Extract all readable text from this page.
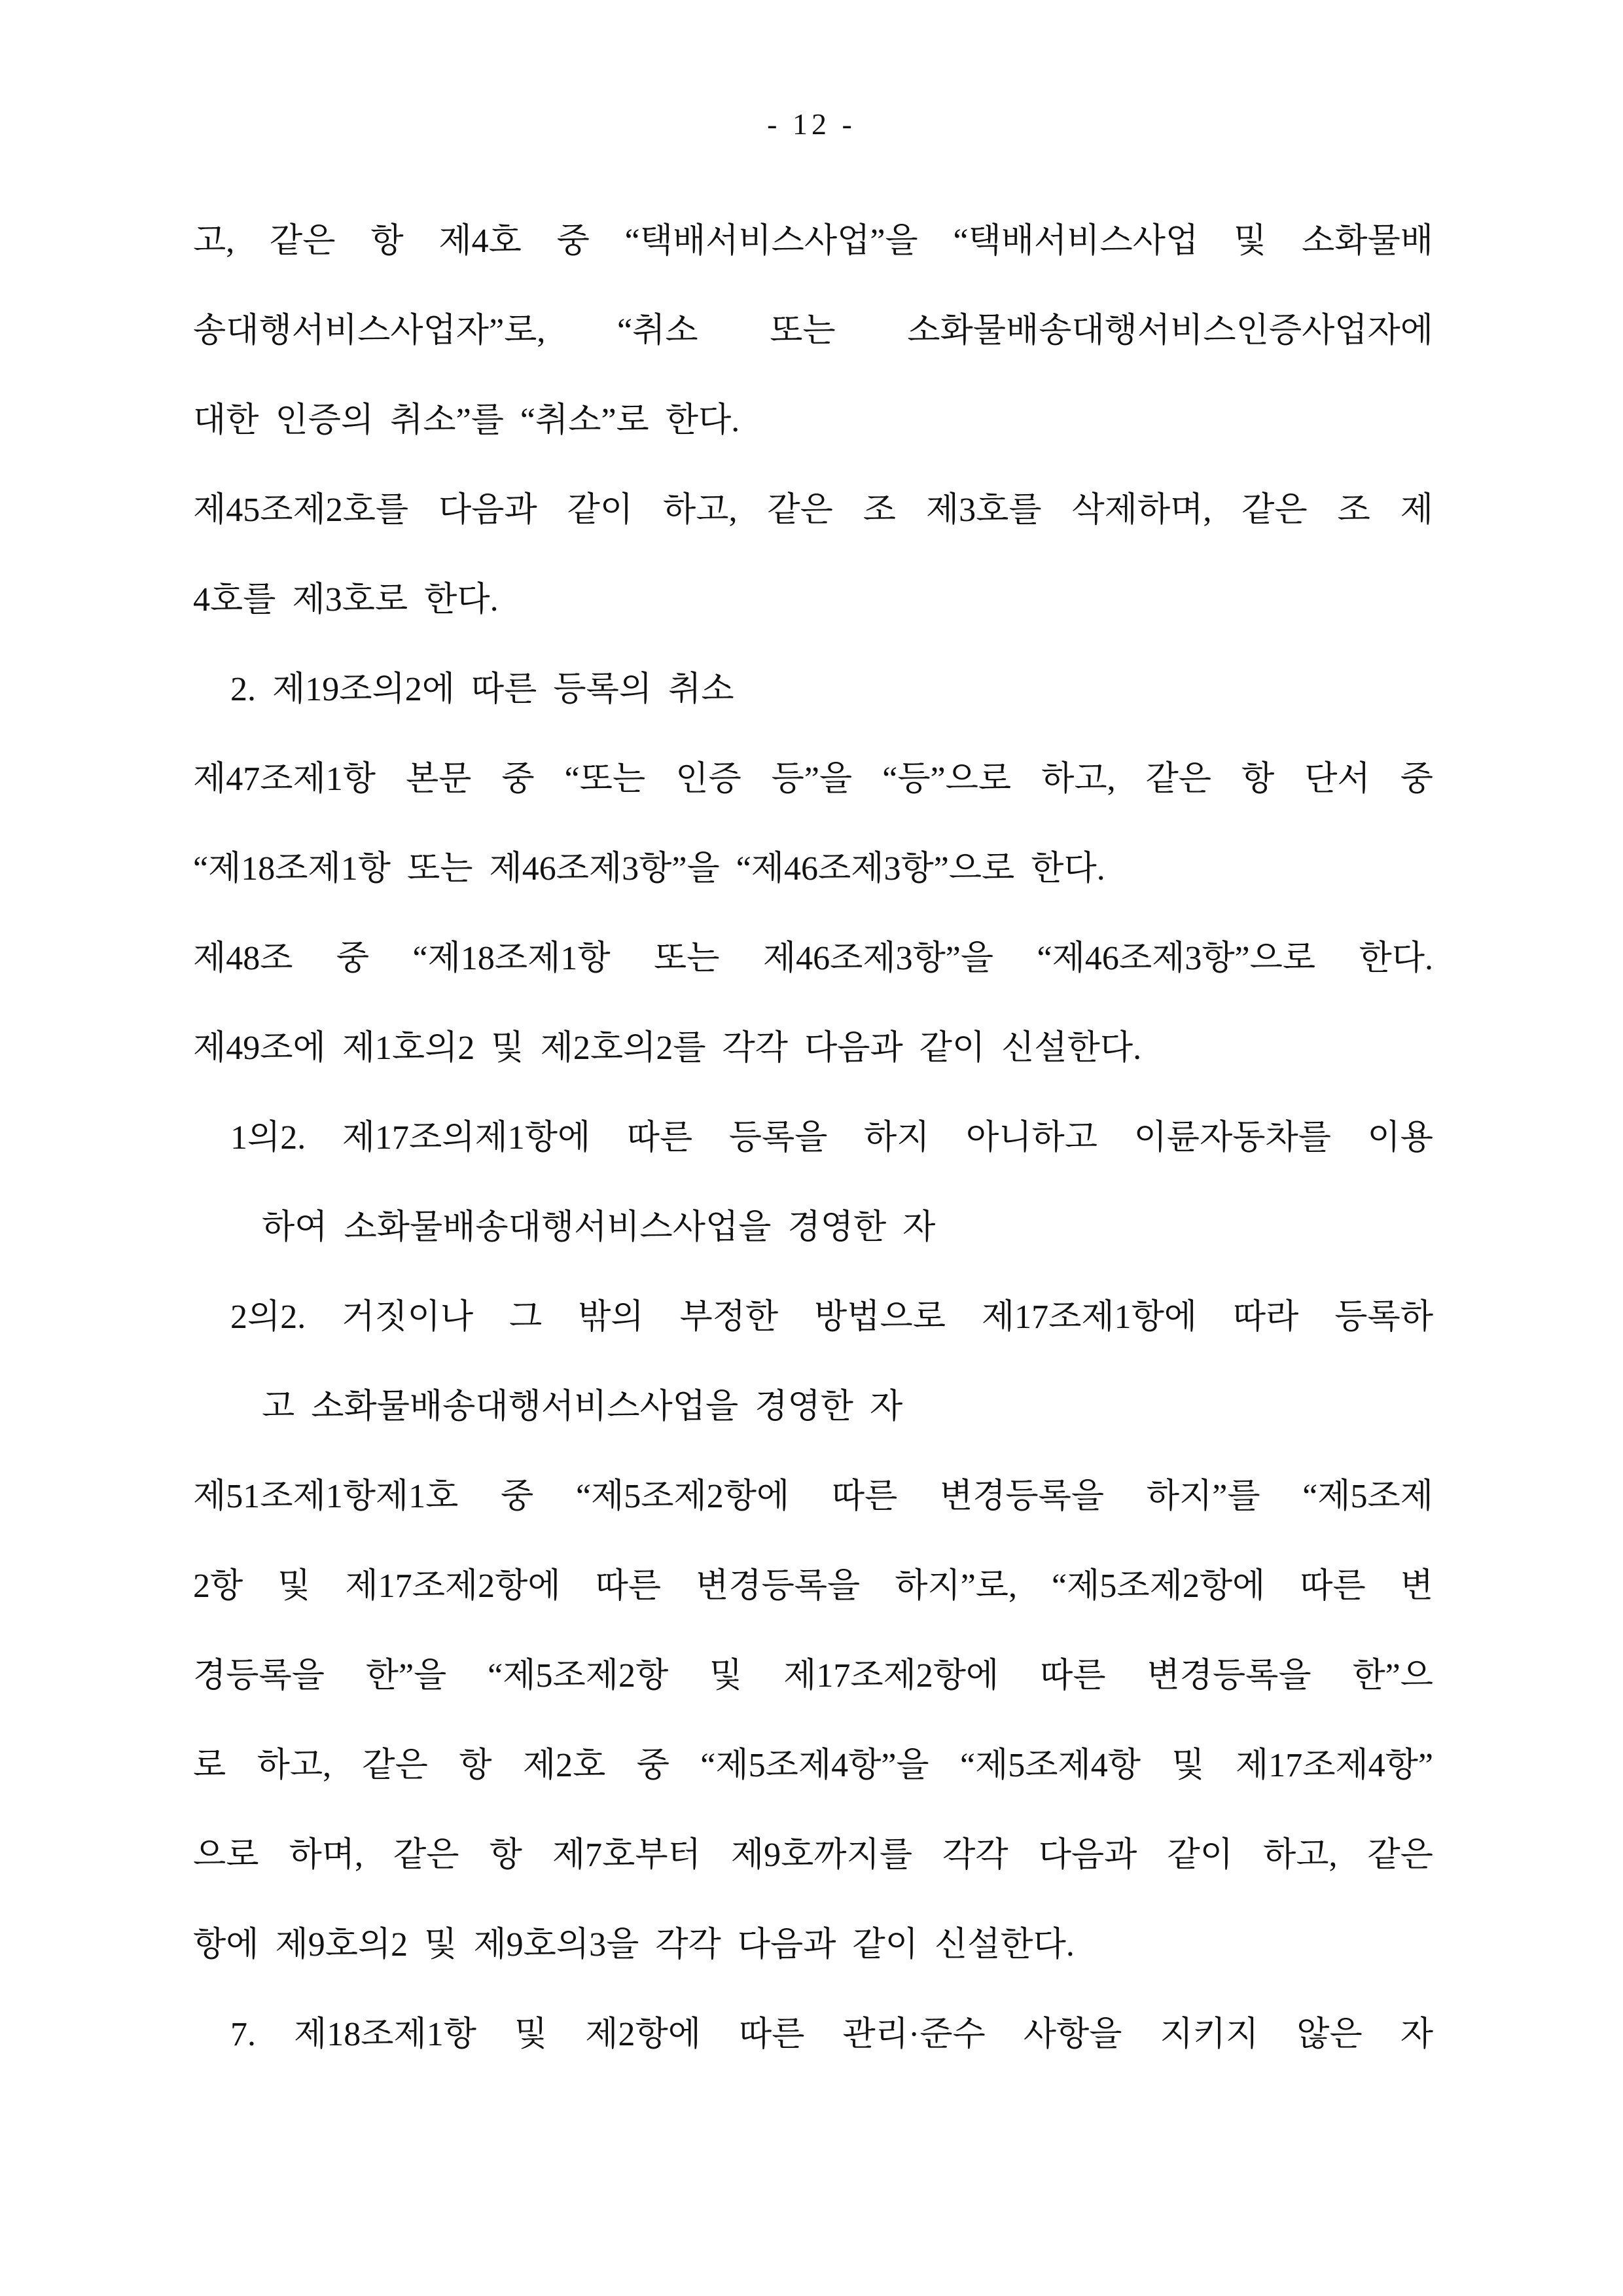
- 12 -
고, 같은 항 제4호 중 “택배서비스사업”을 “택배서비스사업 및 소화물배
송대행서비스사업자”로, “취소 또는 소화물배송대행서비스인증사업자에
대한 인증의 취소”를 “취소”로 한다.
제45조제2호를 다음과 같이 하고, 같은 조 제3호를 삭제하며, 같은 조 제
4호를 제3호로 한다.
2. 제19조의2에 따른 등록의 취소
제47조제1항 본문 중 “또는 인증 등”을 “등”으로 하고, 같은 항 단서 중
“제18조제1항 또는 제46조제3항”을 “제46조제3항”으로 한다.
제48조 중 “제18조제1항 또는 제46조제3항”을 “제46조제3항”으로 한다.
제49조에 제1호의2 및 제2호의2를 각각 다음과 같이 신설한다.
1의2. 제17조의제1항에 따른 등록을 하지 아니하고 이륜자동차를 이용
하여 소화물배송대행서비스사업을 경영한 자
2의2. 거짓이나 그 밖의 부정한 방법으로 제17조제1항에 따라 등록하
고 소화물배송대행서비스사업을 경영한 자
제51조제1항제1호 중 “제5조제2항에 따른 변경등록을 하지”를 “제5조제
2항 및 제17조제2항에 따른 변경등록을 하지”로, “제5조제2항에 따른 변
경등록을 한”을 “제5조제2항 및 제17조제2항에 따른 변경등록을 한”으
로 하고, 같은 항 제2호 중 “제5조제4항”을 “제5조제4항 및 제17조제4항”
으로 하며, 같은 항 제7호부터 제9호까지를 각각 다음과 같이 하고, 같은
항에 제9호의2 및 제9호의3을 각각 다음과 같이 신설한다.
7. 제18조제1항 및 제2항에 따른 관리·준수 사항을 지키지 않은 자
